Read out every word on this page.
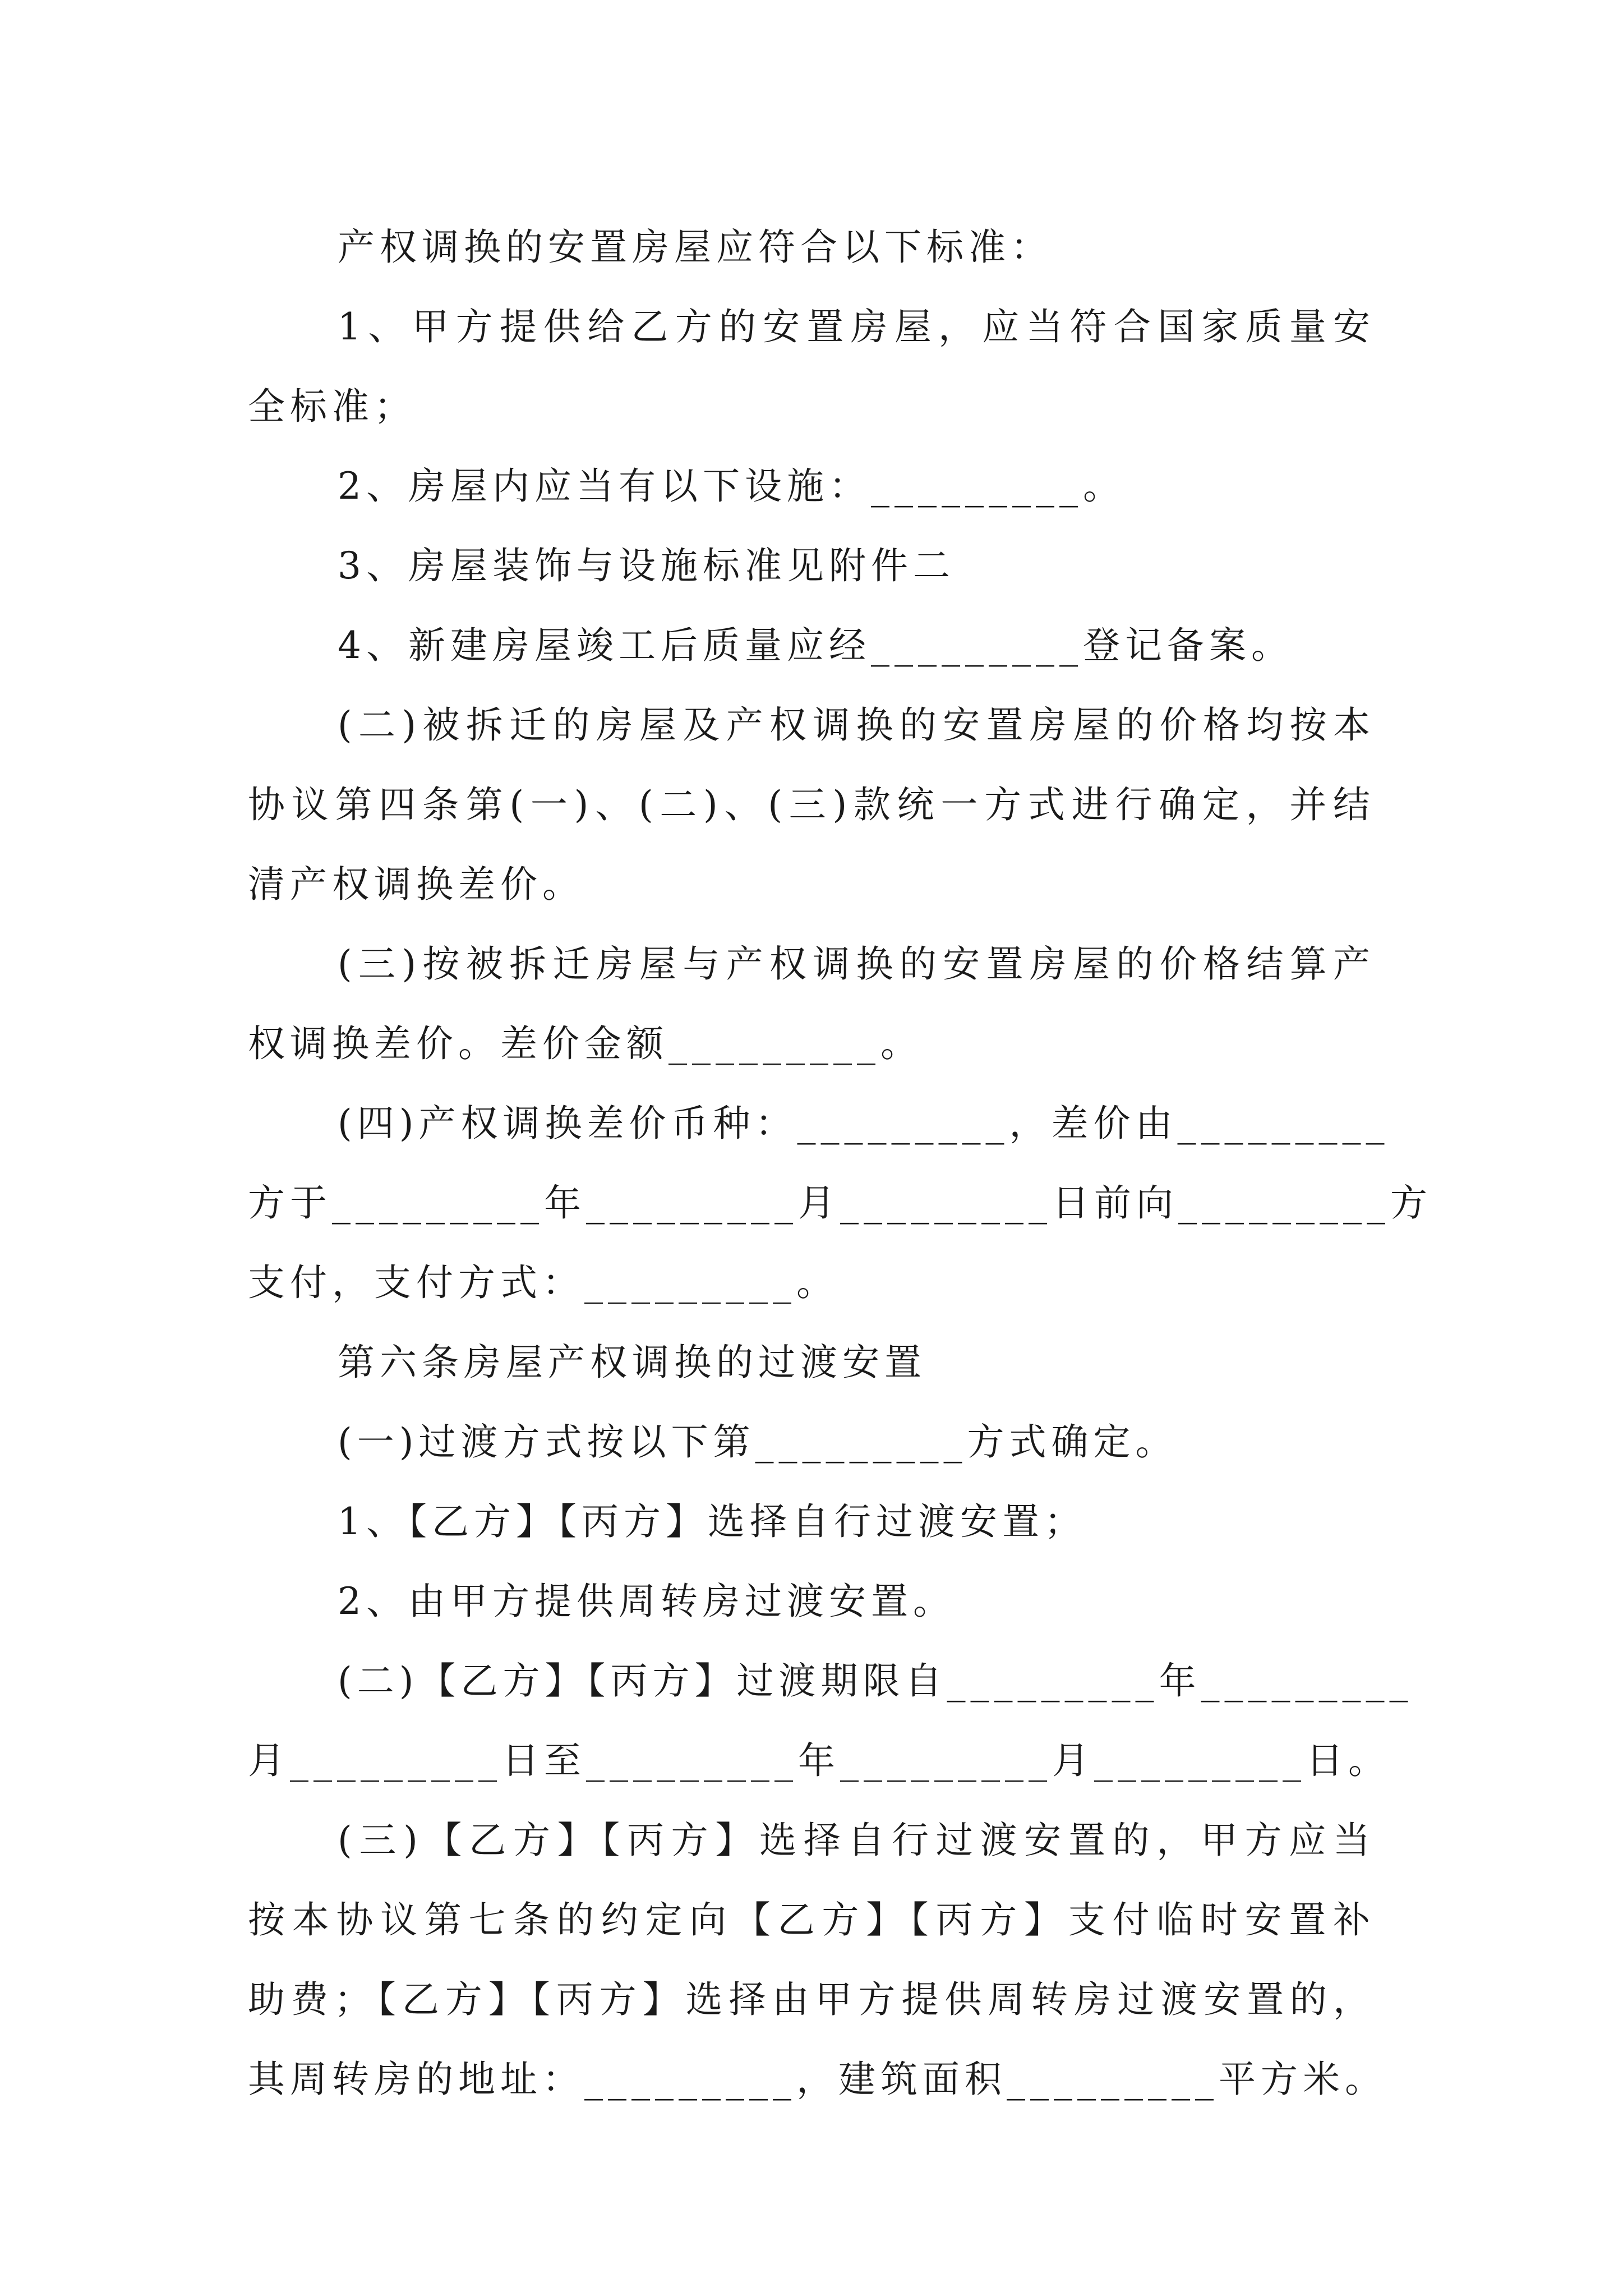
产权调换的安置房屋应符合以下标准：
1、甲方提供给乙方的安置房屋，应当符合国家质量安
全标准；
2、房屋内应当有以下设施：_________。
3、房屋装饰与设施标准见附件二
4、新建房屋竣工后质量应经_________登记备案。
(二)被拆迁的房屋及产权调换的安置房屋的价格均按本
协议第四条第(一)、(二)、(三)款统一方式进行确定，并结
清产权调换差价。
(三)按被拆迁房屋与产权调换的安置房屋的价格结算产
权调换差价。差价金额_________。
(四)产权调换差价币种：_________，差价由_________
方于_________年_________月_________日前向_________方
支付，支付方式：_________。
第六条房屋产权调换的过渡安置
(一)过渡方式按以下第_________方式确定。
1、【乙方】【丙方】选择自行过渡安置；
2、由甲方提供周转房过渡安置。
(二)【乙方】【丙方】过渡期限自_________年_________
月_________日至_________年_________月_________日。
(三)【乙方】【丙方】选择自行过渡安置的，甲方应当
按本协议第七条的约定向【乙方】【丙方】支付临时安置补
助费；【乙方】【丙方】选择由甲方提供周转房过渡安置的，
其周转房的地址：_________，建筑面积_________平方米。
